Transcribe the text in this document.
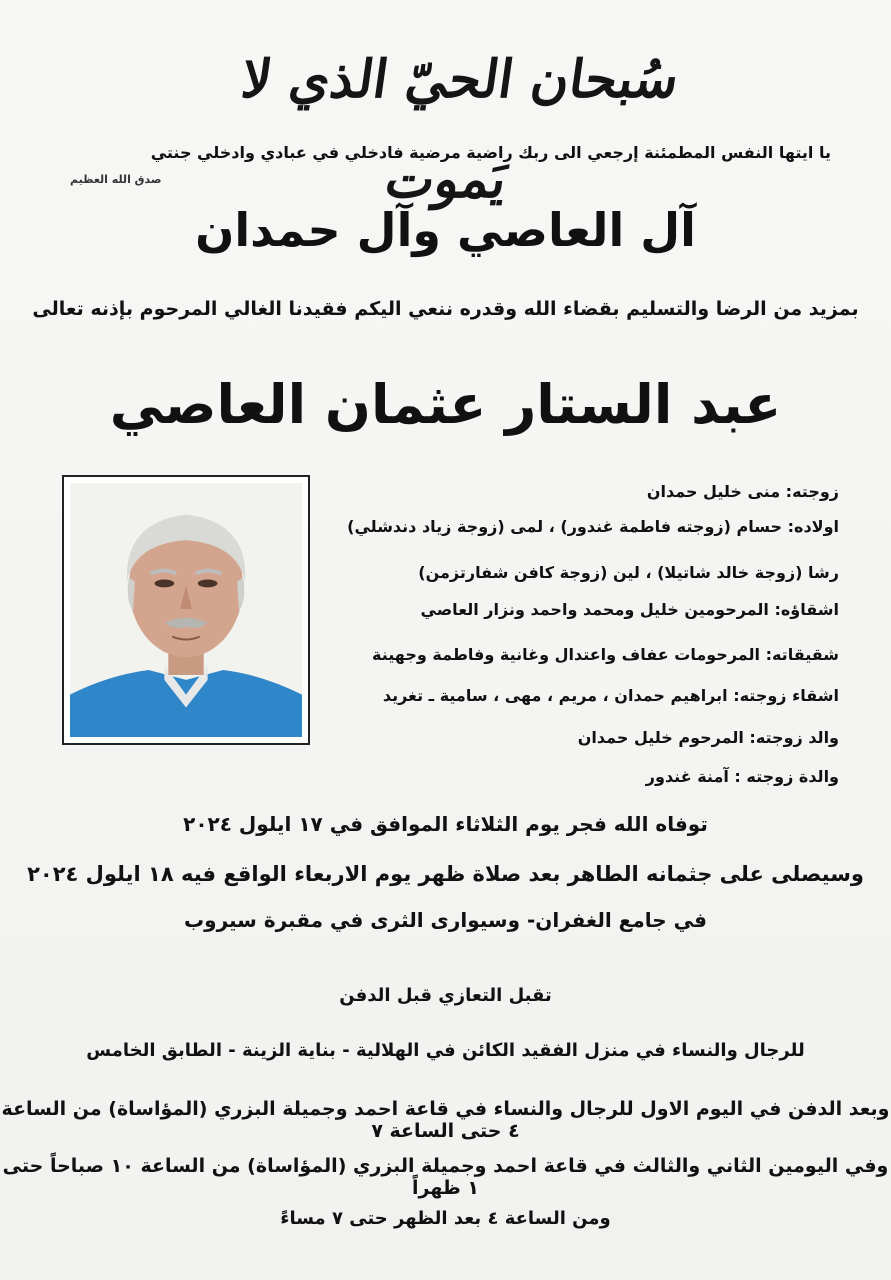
سُبحان الحيّ الذي لا يَموت
يا ايتها النفس المطمئنة إرجعي الى ربك راضية مرضية فادخلي في عبادي وادخلي جنتي
صدق الله العظيم
آل العاصي وآل حمدان
بمزيد من الرضا والتسليم بقضاء الله وقدره ننعي اليكم فقيدنا الغالي المرحوم بإذنه تعالى
عبد الستار عثمان العاصي
زوجته: منى خليل حمدان
اولاده: حسام (زوجته فاطمة غندور) ، لمى (زوجة زياد دندشلي)
رشا (زوجة خالد شاتيلا) ، لين (زوجة كافن شفارتزمن)
اشقاؤه: المرحومين خليل ومحمد واحمد ونزار العاصي
شقيقاته: المرحومات عفاف واعتدال وغانية وفاطمة وجهينة
اشقاء زوجته: ابراهيم حمدان ، مريم ، مهى ، سامية ـ تغريد
والد زوجته: المرحوم خليل حمدان
والدة زوجته : آمنة غندور
توفاه الله فجر يوم الثلاثاء الموافق في ١٧ ايلول ٢٠٢٤
وسيصلى على جثمانه الطاهر بعد صلاة ظهر يوم الاربعاء الواقع فيه ١٨ ايلول ٢٠٢٤
في جامع الغفران- وسيوارى الثرى في مقبرة سيروب
تقبل التعازي قبل الدفن
للرجال والنساء في منزل الفقيد الكائن في الهلالية - بناية الزينة - الطابق الخامس
وبعد الدفن في اليوم الاول للرجال والنساء في قاعة احمد وجميلة البزري (المؤاساة) من الساعة ٤ حتى الساعة ٧
وفي اليومين الثاني والثالث في قاعة احمد وجميلة البزري (المؤاساة) من الساعة ١٠ صباحاً حتى ١ ظهراً
ومن الساعة ٤ بعد الظهر حتى ٧ مساءً
